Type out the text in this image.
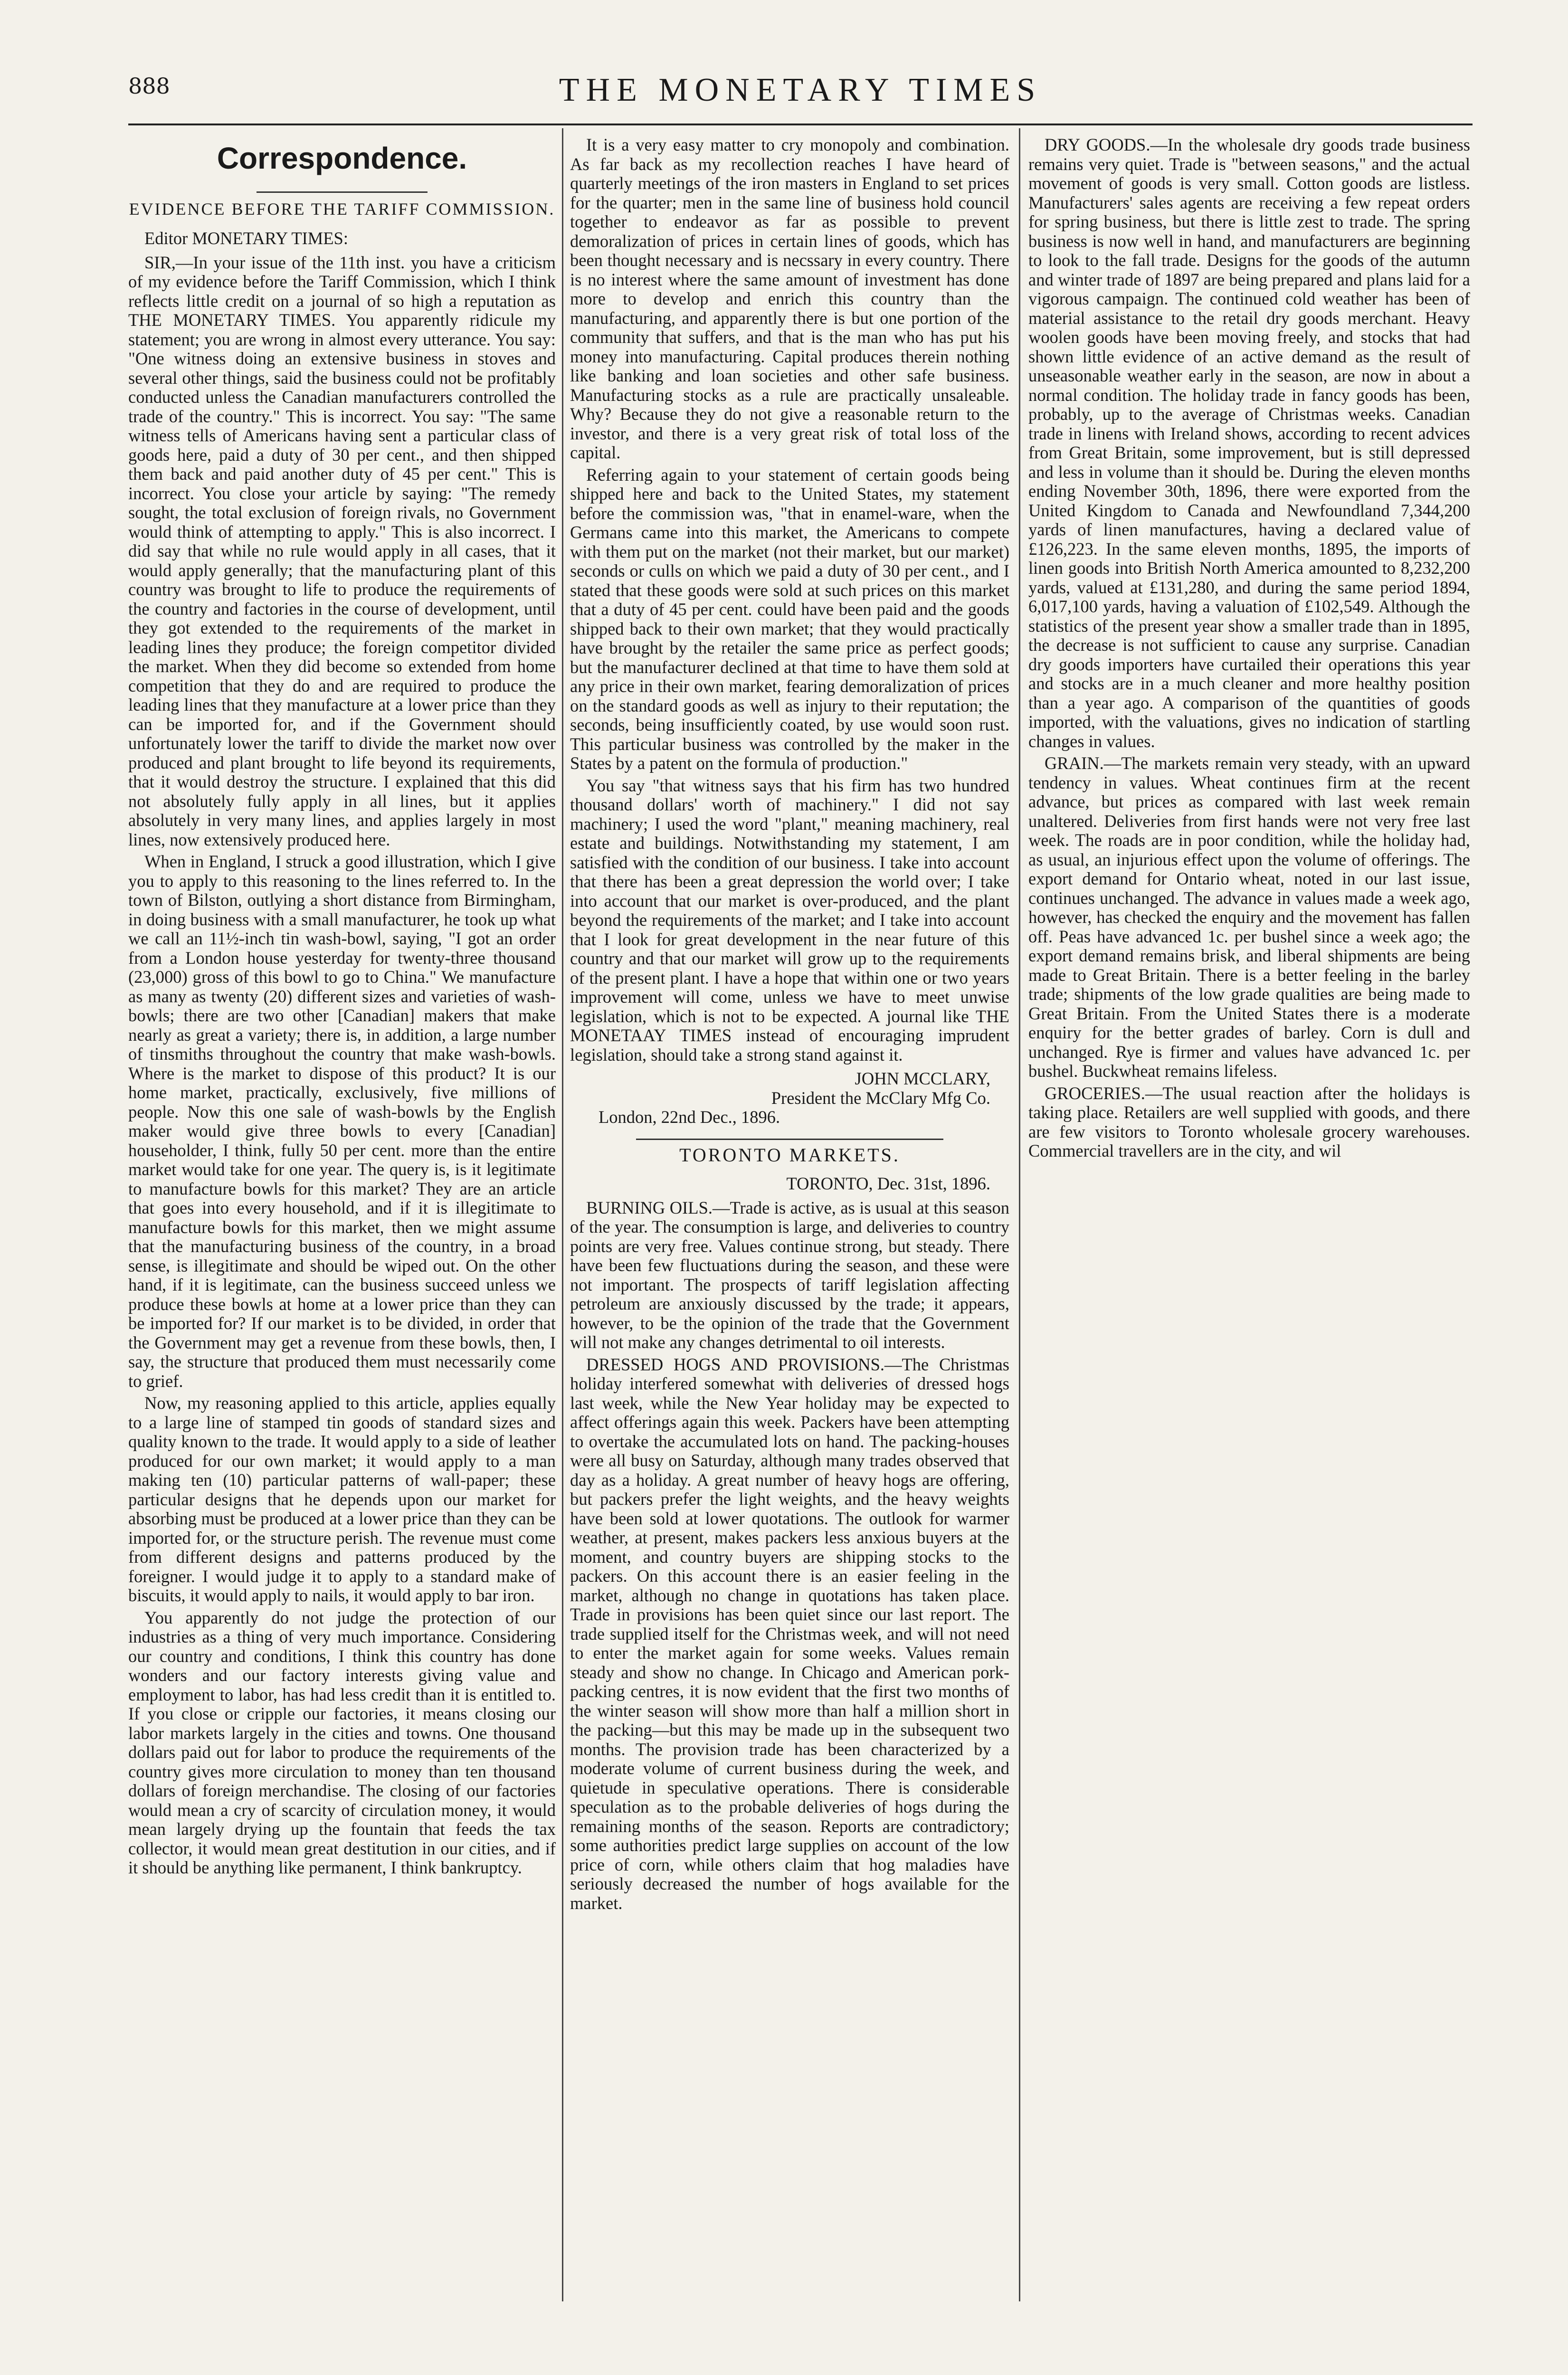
888	THE MONETARY TIMES
Correspondence.
EVIDENCE BEFORE THE TARIFF COMMISSION.
Editor MONETARY TIMES:

SIR,—In your issue of the 11th inst. you have a criticism of my evidence before the Tariff Commission, which I think reflects little credit on a journal of so high a reputation as THE MONETARY TIMES. You apparently ridicule my statement; you are wrong in almost every utterance. You say: "One witness doing an extensive business in stoves and several other things, said the business could not be profitably conducted unless the Canadian manufacturers controlled the trade of the country." This is incorrect. You say: "The same witness tells of Americans having sent a particular class of goods here, paid a duty of 30 per cent., and then shipped them back and paid another duty of 45 per cent." This is incorrect. You close your article by saying: "The remedy sought, the total exclusion of foreign rivals, no Government would think of attempting to apply." This is also incorrect. I did say that while no rule would apply in all cases, that it would apply generally; that the manufacturing plant of this country was brought to life to produce the requirements of the country and factories in the course of development, until they got extended to the requirements of the market in leading lines they produce; the foreign competitor divided the market. When they did become so extended from home competition that they do and are required to produce the leading lines that they manufacture at a lower price than they can be imported for, and if the Government should unfortunately lower the tariff to divide the market now over produced and plant brought to life beyond its requirements, that it would destroy the structure. I explained that this did not absolutely fully apply in all lines, but it applies absolutely in very many lines, and applies largely in most lines, now extensively produced here.

When in England, I struck a good illustration, which I give you to apply to this reasoning to the lines referred to. In the town of Bilston, outlying a short distance from Birmingham, in doing business with a small manufacturer, he took up what we call an 11½-inch tin wash-bowl, saying, "I got an order from a London house yesterday for twenty-three thousand (23,000) gross of this bowl to go to China." We manufacture as many as twenty (20) different sizes and varieties of wash-bowls; there are two other [Canadian] makers that make nearly as great a variety; there is, in addition, a large number of tinsmiths throughout the country that make wash-bowls. Where is the market to dispose of this product? It is our home market, practically, exclusively, five millions of people. Now this one sale of wash-bowls by the English maker would give three bowls to every [Canadian] householder, I think, fully 50 per cent. more than the entire market would take for one year. The query is, is it legitimate to manufacture bowls for this market? They are an article that goes into every household, and if it is illegitimate to manufacture bowls for this market, then we might assume that the manufacturing business of the country, in a broad sense, is illegitimate and should be wiped out. On the other hand, if it is legitimate, can the business succeed unless we produce these bowls at home at a lower price than they can be imported for? If our market is to be divided, in order that the Government may get a revenue from these bowls, then, I say, the structure that produced them must necessarily come to grief.

Now, my reasoning applied to this article, applies equally to a large line of stamped tin goods of standard sizes and quality known to the trade. It would apply to a side of leather produced for our own market; it would apply to a man making ten (10) particular patterns of wall-paper; these particular designs that he depends upon our market for absorbing must be produced at a lower price than they can be imported for, or the structure perish. The revenue must come from different designs and patterns produced by the foreigner. I would judge it to apply to a standard make of biscuits, it would apply to nails, it would apply to bar iron.

You apparently do not judge the protection of our industries as a thing of very much importance. Considering our country and conditions, I think this country has done wonders and our factory interests giving value and employment to labor, has had less credit than it is entitled to. If you close or cripple our factories, it means closing our labor markets largely in the cities and towns. One thousand dollars paid out for labor to produce the requirements of the country gives more circulation to money than ten thousand dollars of foreign merchandise. The closing of our factories would mean a cry of scarcity of circulation money, it would mean largely drying up the fountain that feeds the tax collector, it would mean great destitution in our cities, and if it should be anything like permanent, I think bankruptcy.

It is a very easy matter to cry monopoly and combination. As far back as my recollection reaches I have heard of quarterly meetings of the iron masters in England to set prices for the quarter; men in the same line of business hold council together to endeavor as far as possible to prevent demoralization of prices in certain lines of goods, which has been thought necessary and is necssary in every country. There is no interest where the same amount of investment has done more to develop and enrich this country than the manufacturing, and apparently there is but one portion of the community that suffers, and that is the man who has put his money into manufacturing. Capital produces therein nothing like banking and loan societies and other safe business. Manufacturing stocks as a rule are practically unsaleable. Why? Because they do not give a reasonable return to the investor, and there is a very great risk of total loss of the capital.

Referring again to your statement of certain goods being shipped here and back to the United States, my statement before the commission was, "that in enamel-ware, when the Germans came into this market, the Americans to compete with them put on the market (not their market, but our market) seconds or culls on which we paid a duty of 30 per cent., and I stated that these goods were sold at such prices on this market that a duty of 45 per cent. could have been paid and the goods shipped back to their own market; that they would practically have brought by the retailer the same price as perfect goods; but the manufacturer declined at that time to have them sold at any price in their own market, fearing demoralization of prices on the standard goods as well as injury to their reputation; the seconds, being insufficiently coated, by use would soon rust. This particular business was controlled by the maker in the States by a patent on the formula of production."

You say "that witness says that his firm has two hundred thousand dollars' worth of machinery." I did not say machinery; I used the word "plant," meaning machinery, real estate and buildings. Notwithstanding my statement, I am satisfied with the condition of our business. I take into account that there has been a great depression the world over; I take into account that our market is over-produced, and the plant beyond the requirements of the market; and I take into account that I look for great development in the near future of this country and that our market will grow up to the requirements of the present plant. I have a hope that within one or two years improvement will come, unless we have to meet unwise legislation, which is not to be expected. A journal like THE MONETAAY TIMES instead of encouraging imprudent legislation, should take a strong stand against it.

JOHN MCCLARY,
President the McClary Mfg Co.
London, 22nd Dec., 1896.
TORONTO MARKETS.
TORONTO, Dec. 31st, 1896.

BURNING OILS.—Trade is active, as is usual at this season of the year. The consumption is large, and deliveries to country points are very free. Values continue strong, but steady. There have been few fluctuations during the season, and these were not important. The prospects of tariff legislation affecting petroleum are anxiously discussed by the trade; it appears, however, to be the opinion of the trade that the Government will not make any changes detrimental to oil interests.

DRESSED HOGS AND PROVISIONS.—The Christmas holiday interfered somewhat with deliveries of dressed hogs last week, while the New Year holiday may be expected to affect offerings again this week. Packers have been attempting to overtake the accumulated lots on hand. The packing-houses were all busy on Saturday, although many trades observed that day as a holiday. A great number of heavy hogs are offering, but packers prefer the light weights, and the heavy weights have been sold at lower quotations. The outlook for warmer weather, at present, makes packers less anxious buyers at the moment, and country buyers are shipping stocks to the packers. On this account there is an easier feeling in the market, although no change in quotations has taken place. Trade in provisions has been quiet since our last report. The trade supplied itself for the Christmas week, and will not need to enter the market again for some weeks. Values remain steady and show no change. In Chicago and American pork-packing centres, it is now evident that the first two months of the winter season will show more than half a million short in the packing—but this may be made up in the subsequent two months. The provision trade has been characterized by a moderate volume of current business during the week, and quietude in speculative operations. There is considerable speculation as to the probable deliveries of hogs during the remaining months of the season. Reports are contradictory; some authorities predict large supplies on account of the low price of corn, while others claim that hog maladies have seriously decreased the number of hogs available for the market.

DRY GOODS.—In the wholesale dry goods trade business remains very quiet. Trade is "between seasons," and the actual movement of goods is very small. Cotton goods are listless. Manufacturers' sales agents are receiving a few repeat orders for spring business, but there is little zest to trade. The spring business is now well in hand, and manufacturers are beginning to look to the fall trade. Designs for the goods of the autumn and winter trade of 1897 are being prepared and plans laid for a vigorous campaign. The continued cold weather has been of material assistance to the retail dry goods merchant. Heavy woolen goods have been moving freely, and stocks that had shown little evidence of an active demand as the result of unseasonable weather early in the season, are now in about a normal condition. The holiday trade in fancy goods has been, probably, up to the average of Christmas weeks. Canadian trade in linens with Ireland shows, according to recent advices from Great Britain, some improvement, but is still depressed and less in volume than it should be. During the eleven months ending November 30th, 1896, there were exported from the United Kingdom to Canada and Newfoundland 7,344,200 yards of linen manufactures, having a declared value of £126,223. In the same eleven months, 1895, the imports of linen goods into British North America amounted to 8,232,200 yards, valued at £131,280, and during the same period 1894, 6,017,100 yards, having a valuation of £102,549. Although the statistics of the present year show a smaller trade than in 1895, the decrease is not sufficient to cause any surprise. Canadian dry goods importers have curtailed their operations this year and stocks are in a much cleaner and more healthy position than a year ago. A comparison of the quantities of goods imported, with the valuations, gives no indication of startling changes in values.

GRAIN.—The markets remain very steady, with an upward tendency in values. Wheat continues firm at the recent advance, but prices as compared with last week remain unaltered. Deliveries from first hands were not very free last week. The roads are in poor condition, while the holiday had, as usual, an injurious effect upon the volume of offerings. The export demand for Ontario wheat, noted in our last issue, continues unchanged. The advance in values made a week ago, however, has checked the enquiry and the movement has fallen off. Peas have advanced 1c. per bushel since a week ago; the export demand remains brisk, and liberal shipments are being made to Great Britain. There is a better feeling in the barley trade; shipments of the low grade qualities are being made to Great Britain. From the United States there is a moderate enquiry for the better grades of barley. Corn is dull and unchanged. Rye is firmer and values have advanced 1c. per bushel. Buckwheat remains lifeless.

GROCERIES.—The usual reaction after the holidays is taking place. Retailers are well supplied with goods, and there are few visitors to Toronto wholesale grocery warehouses. Commercial travellers are in the city, and wil
